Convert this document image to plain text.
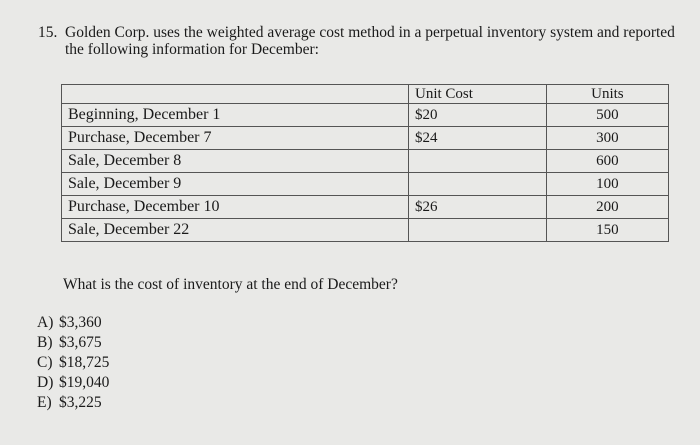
15. Golden Corp. uses the weighted average cost method in a perpetual inventory system and reported the following information for December:
	Unit Cost	Units
Beginning, December 1	$20	500
Purchase, December 7	$24	300
Sale, December 8		600
Sale, December 9		100
Purchase, December 10	$26	200
Sale, December 22		150
What is the cost of inventory at the end of December?
A) $3,360
B) $3,675
C) $18,725
D) $19,040
E) $3,225
